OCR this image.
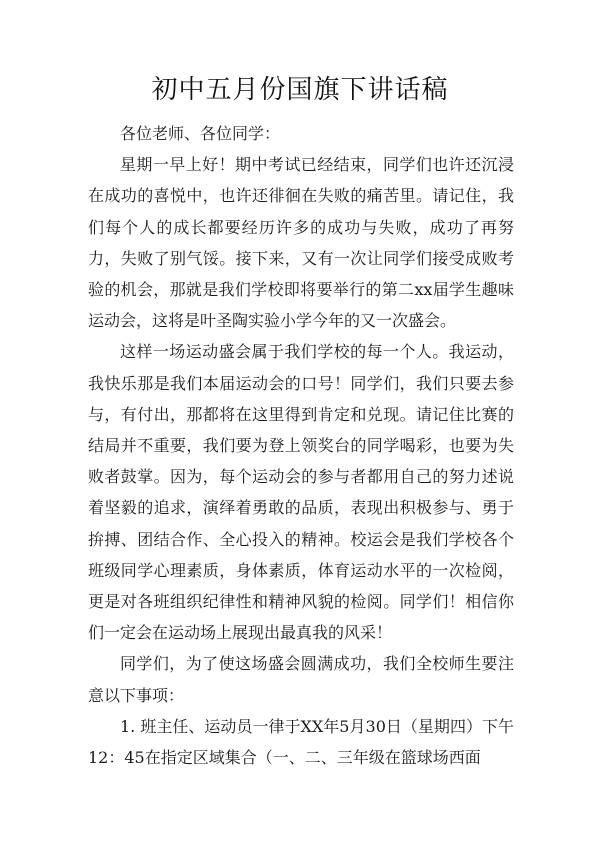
初中五月份国旗下讲话稿

各位老师、各位同学：

星期一早上好！期中考试已经结束，同学们也许还沉浸在成功的喜悦中，也许还徘徊在失败的痛苦里。请记住，我们每个人的成长都要经历许多的成功与失败，成功了再努力，失败了别气馁。接下来，又有一次让同学们接受成败考验的机会，那就是我们学校即将要举行的第二xx届学生趣味运动会，这将是叶圣陶实验小学今年的又一次盛会。

这样一场运动盛会属于我们学校的每一个人。我运动，我快乐那是我们本届运动会的口号！同学们，我们只要去参与，有付出，那都将在这里得到肯定和兑现。请记住比赛的结局并不重要，我们要为登上领奖台的同学喝彩，也要为失败者鼓掌。因为，每个运动会的参与者都用自己的努力述说着坚毅的追求，演绎着勇敢的品质，表现出积极参与、勇于拚搏、团结合作、全心投入的精神。校运会是我们学校各个班级同学心理素质，身体素质，体育运动水平的一次检阅，更是对各班组织纪律性和精神风貌的检阅。同学们！相信你们一定会在运动场上展现出最真我的风采！

同学们，为了使这场盛会圆满成功，我们全校师生要注意以下事项：

1. 班主任、运动员一律于XX年5月30日（星期四）下午12：45在指定区域集合（一、二、三年级在篮球场西面
